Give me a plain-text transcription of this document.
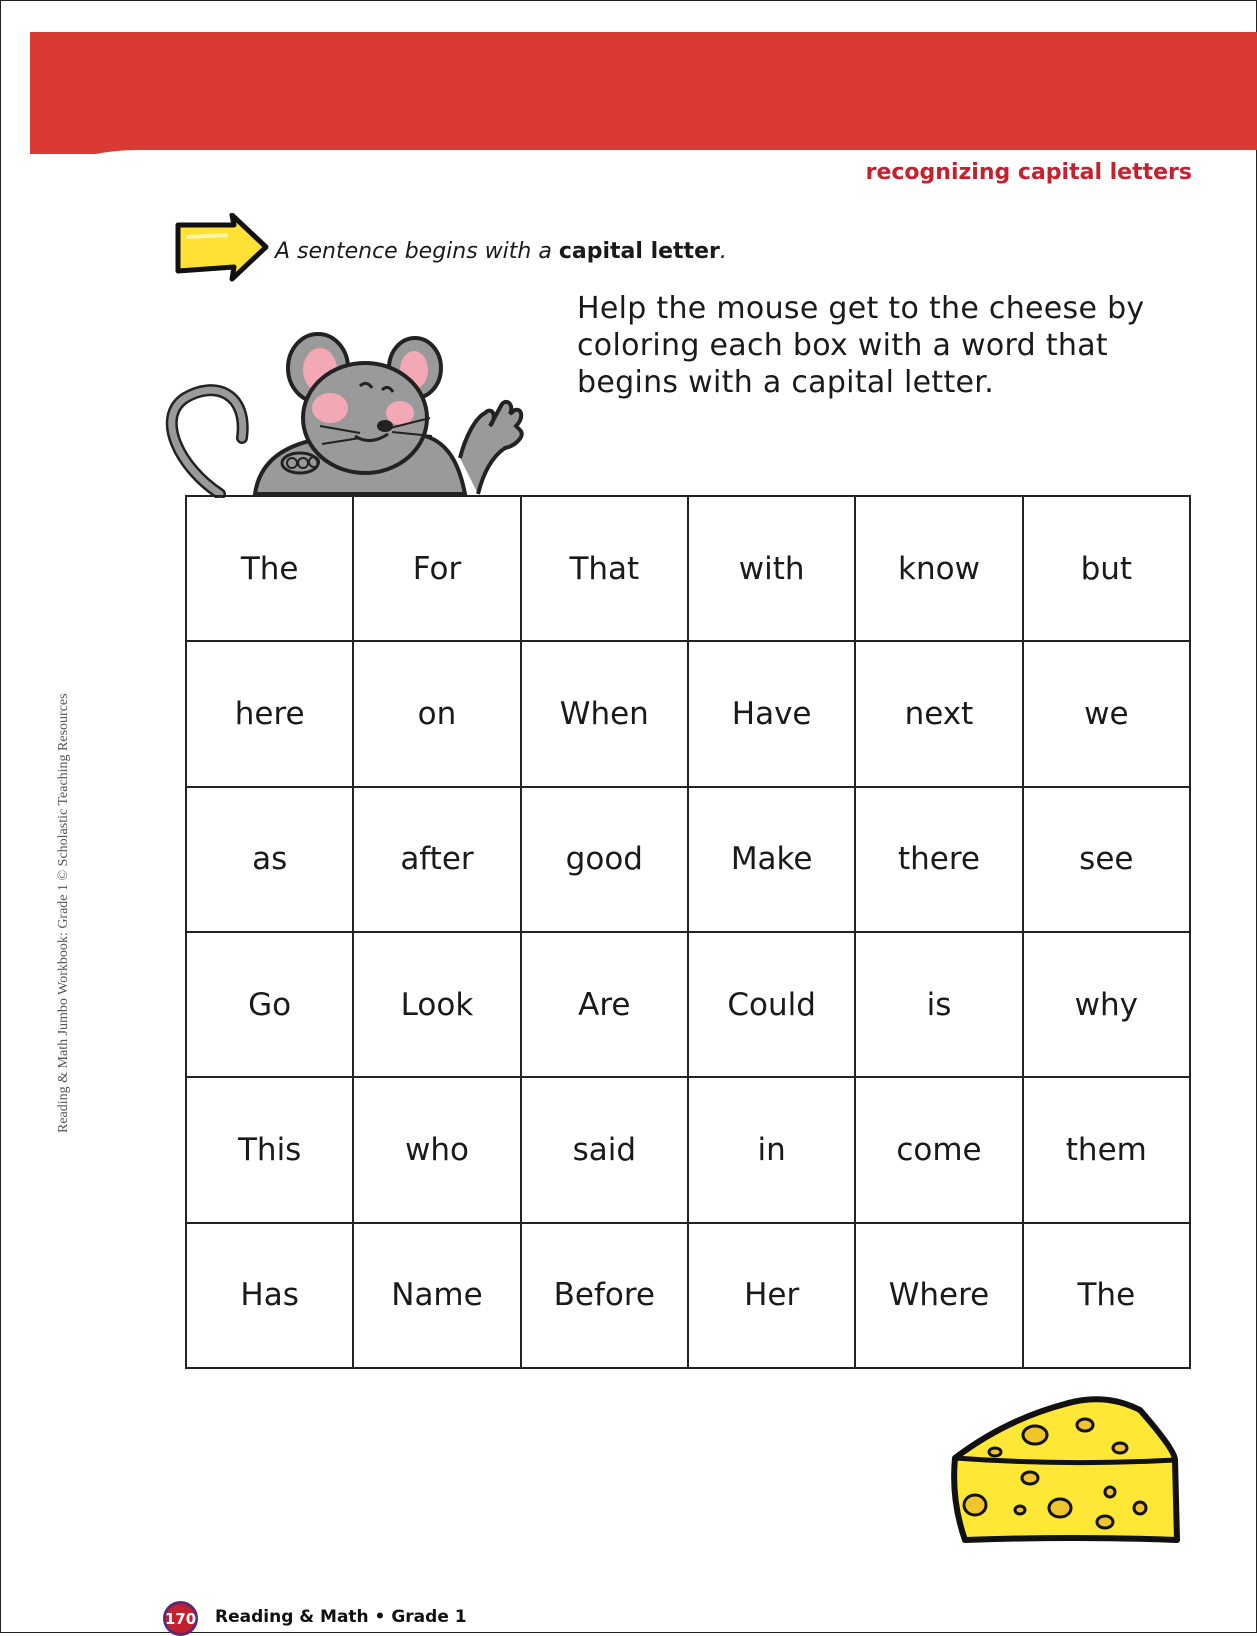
recognizing capital letters
A sentence begins with a capital letter.
Help the mouse get to the cheese by coloring each box with a word that begins with a capital letter.
The	For	That	with	know	but
here	on	When	Have	next	we
as	after	good	Make	there	see
Go	Look	Are	Could	is	why
This	who	said	in	come	them
Has	Name	Before	Her	Where	The
Reading & Math Jumbo Workbook: Grade 1 © Scholastic Teaching Resources
170 Reading & Math • Grade 1
